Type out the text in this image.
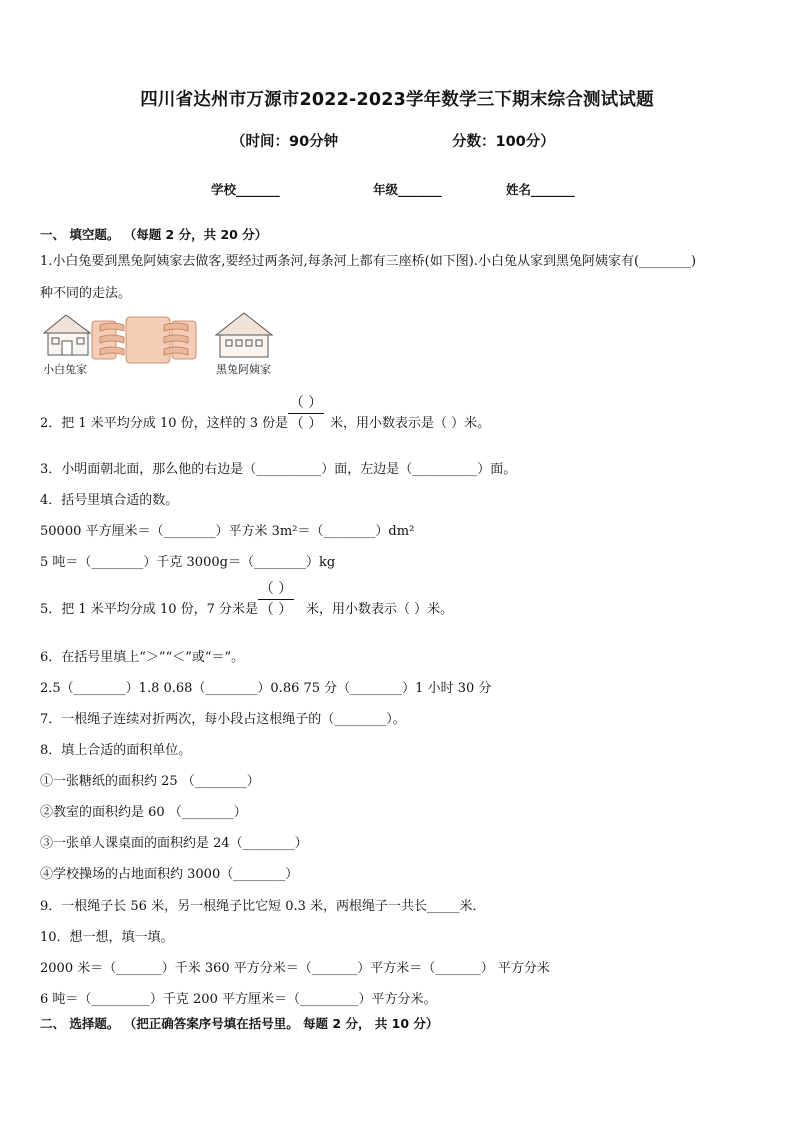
四川省达州市万源市2022-2023学年数学三下期末综合测试试题
（时间：90分钟	分数：100分）
学校_______	年级_______	姓名_______
一、 填空题。 （每题 2 分，共 20 分）
1.小白兔要到黑兔阿姨家去做客,要经过两条河,每条河上都有三座桥(如下图).小白兔从家到黑兔阿姨家有(________)
种不同的走法。
小白兔家	黑兔阿姨家
2．把 1 米平均分成 10 份，这样的 3 份是
（ ）
（ ） 米，用小数表示是（ ）米。
3．小明面朝北面，那么他的右边是（__________）面，左边是（__________）面。
4．括号里填合适的数。
50000 平方厘米＝（________）平方米 3m²＝（________）dm²
5 吨＝（________）千克 3000g＝（________）kg
5．把 1 米平均分成 10 份，7 分米是
（ ）
（ ） 米，用小数表示（ ）米。
6．在括号里填上“＞”“＜”或“＝”。
2.5（________）1.8 0.68（________）0.86 75 分（________）1 小时 30 分
7．一根绳子连续对折两次，每小段占这根绳子的（________）。
8．填上合适的面积单位。
①一张糖纸的面积约 25 （________）
②教室的面积约是 60 （________）
③一张单人课桌面的面积约是 24（________）
④学校操场的占地面积约 3000（________）
9．一根绳子长 56 米，另一根绳子比它短 0.3 米，两根绳子一共长_____米．
10．想一想，填一填。
2000 米＝（_______）千米 360 平方分米＝（_______）平方米＝（_______） 平方分米
6 吨＝（_________）千克 200 平方厘米＝（_________）平方分米。
二、 选择题。 （把正确答案序号填在括号里。 每题 2 分， 共 10 分）
